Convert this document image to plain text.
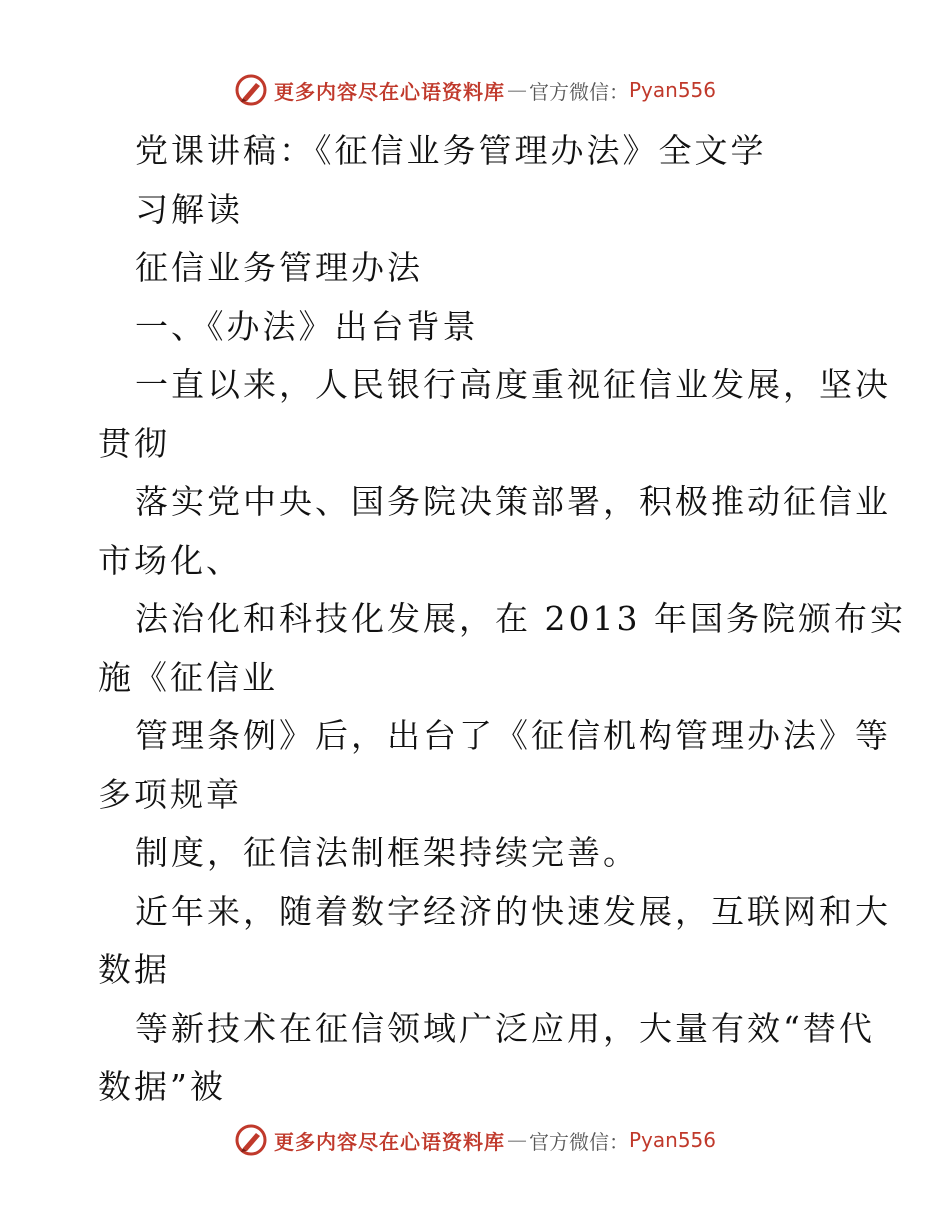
更多内容尽在心语资料库 — 官方微信： Pyan556
党课讲稿：《征信业务管理办法》全文学
习解读
征信业务管理办法
一、《办法》出台背景
一直以来，人民银行高度重视征信业发展，坚决
贯彻
落实党中央、国务院决策部署，积极推动征信业
市场化、
法治化和科技化发展，在 2013 年国务院颁布实
施《征信业
管理条例》后，出台了《征信机构管理办法》等
多项规章
制度，征信法制框架持续完善。
近年来，随着数字经济的快速发展，互联网和大
数据
等新技术在征信领域广泛应用，大量有效“替代
数据”被
更多内容尽在心语资料库 — 官方微信： Pyan556
